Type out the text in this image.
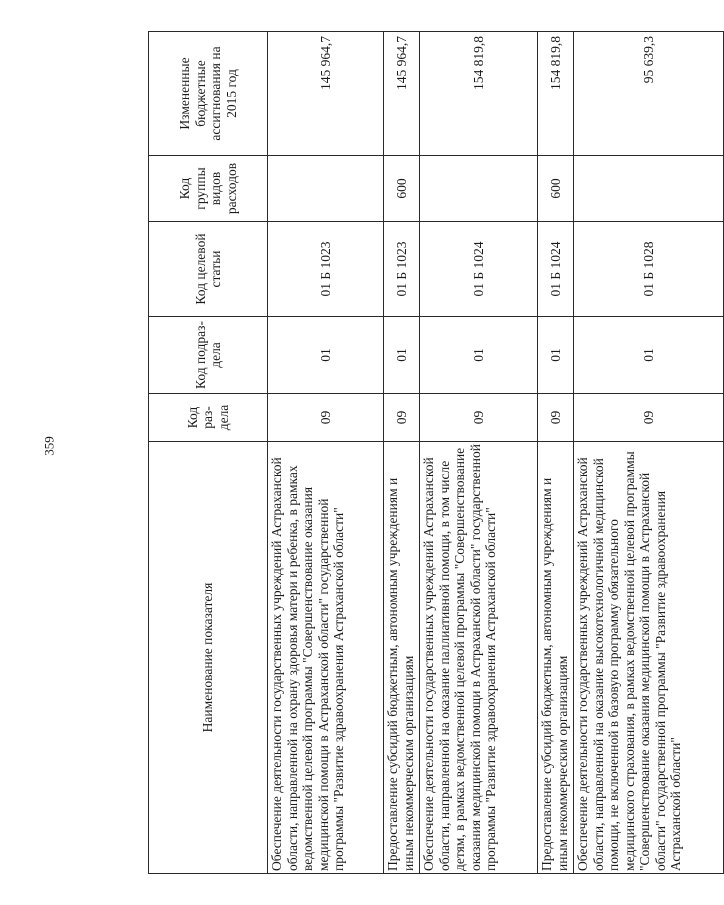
359
Наименование показателя	Код раз-дела	Код подраз-дела	Код целевой статьи	Код группы видов расходов	Измененные бюджетные ассигнования на 2015 год
Обеспечение деятельности государственных учреждений Астраханской области, направленной на охрану здоровья матери и ребенка, в рамках ведомственной целевой программы "Совершенствование оказания медицинской помощи в Астраханской области" государственной программы "Развитие здравоохранения Астраханской области"	09	01	01 Б 1023		145 964,7
Предоставление субсидий бюджетным, автономным учреждениям и иным некоммерческим организациям	09	01	01 Б 1023	600	145 964,7
Обеспечение деятельности государственных учреждений Астраханской области, направленной на оказание паллиативной помощи, в том числе детям, в рамках ведомственной целевой программы "Совершенствование оказания медицинской помощи в Астраханской области" государственной программы "Развитие здравоохранения Астраханской области"	09	01	01 Б 1024		154 819,8
Предоставление субсидий бюджетным, автономным учреждениям и иным некоммерческим организациям	09	01	01 Б 1024	600	154 819,8
Обеспечение деятельности государственных учреждений Астраханской области, направленной на оказание высокотехнологичной медицинской помощи, не включенной в базовую программу обязательного медицинского страхования, в рамках ведомственной целевой программы "Совершенствование оказания медицинской помощи в Астраханской области" государственной программы "Развитие здравоохранения Астраханской области"	09	01	01 Б 1028		95 639,3
